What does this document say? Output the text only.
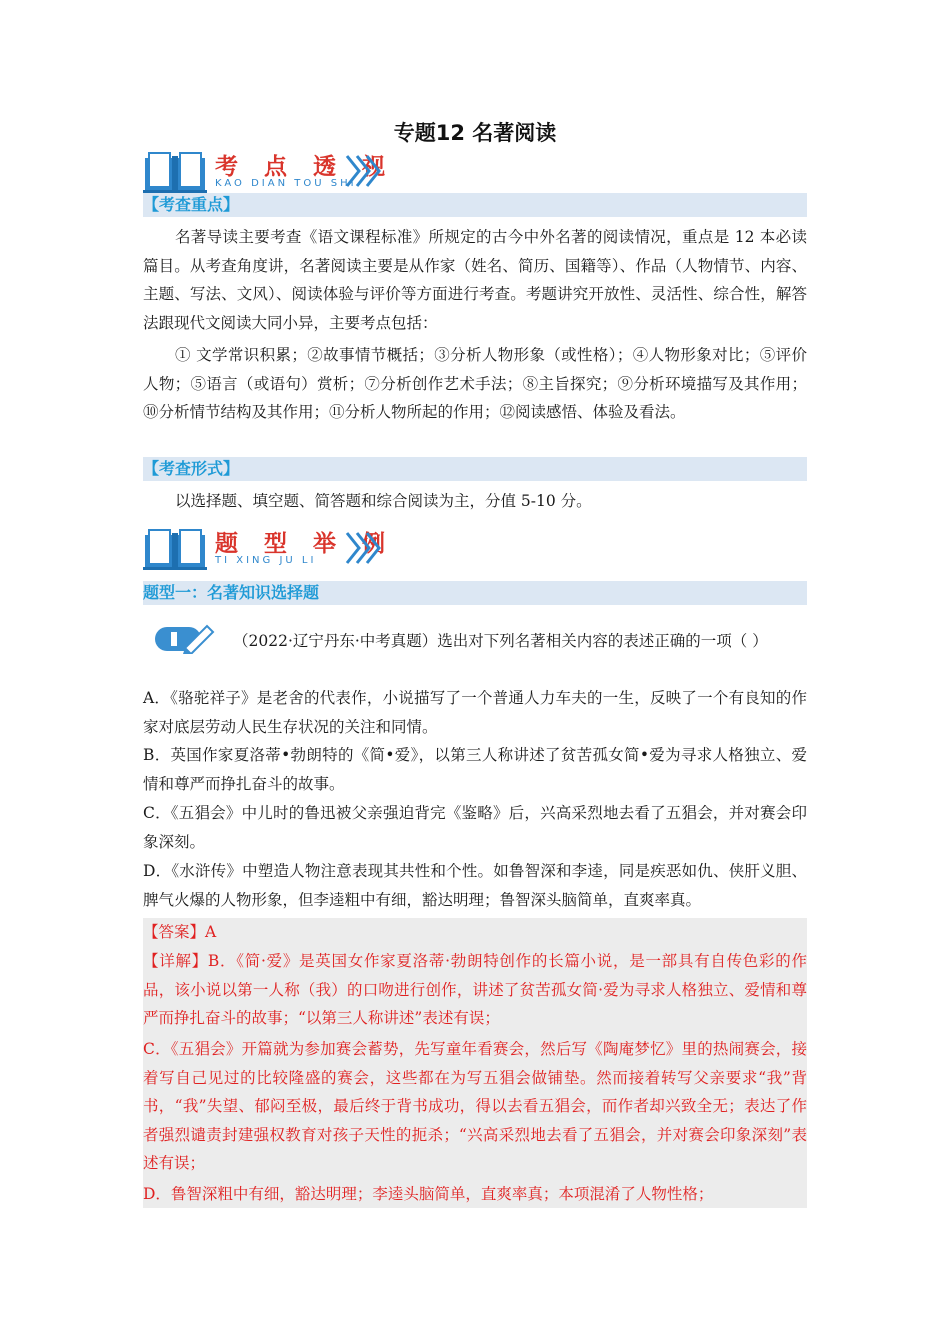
专题12 名著阅读
考 点 透 视
KAO DIAN TOU SHI
【考查重点】
名著导读主要考查《语文课程标准》所规定的古今中外名著的阅读情况，重点是 12 本必读篇目。从考查角度讲，名著阅读主要是从作家（姓名、简历、国籍等）、作品（人物情节、内容、主题、写法、文风）、阅读体验与评价等方面进行考查。考题讲究开放性、灵活性、综合性，解答法跟现代文阅读大同小异，主要考点包括：
① 文学常识积累；②故事情节概括；③分析人物形象（或性格）；④人物形象对比；⑤评价人物；⑤语言（或语句）赏析；⑦分析创作艺术手法；⑧主旨探究；⑨分析环境描写及其作用；⑩分析情节结构及其作用；⑪分析人物所起的作用；⑫阅读感悟、体验及看法。
【考查形式】
以选择题、填空题、简答题和综合阅读为主，分值 5-10 分。
题 型 举 例
TI XING JU LI
题型一：名著知识选择题
（2022·辽宁丹东·中考真题）选出对下列名著相关内容的表述正确的一项（ ）
A．《骆驼祥子》是老舍的代表作，小说描写了一个普通人力车夫的一生，反映了一个有良知的作家对底层劳动人民生存状况的关注和同情。
B．英国作家夏洛蒂•勃朗特的《简•爱》，以第三人称讲述了贫苦孤女简•爱为寻求人格独立、爱情和尊严而挣扎奋斗的故事。
C．《五猖会》中儿时的鲁迅被父亲强迫背完《鉴略》后，兴高采烈地去看了五猖会，并对赛会印象深刻。
D．《水浒传》中塑造人物注意表现其共性和个性。如鲁智深和李逵，同是疾恶如仇、侠肝义胆、脾气火爆的人物形象，但李逵粗中有细，豁达明理；鲁智深头脑简单，直爽率真。
【答案】A
【详解】B．《简·爱》是英国女作家夏洛蒂·勃朗特创作的长篇小说，是一部具有自传色彩的作品，该小说以第一人称（我）的口吻进行创作，讲述了贫苦孤女简·爱为寻求人格独立、爱情和尊严而挣扎奋斗的故事；“以第三人称讲述”表述有误；
C．《五猖会》开篇就为参加赛会蓄势，先写童年看赛会，然后写《陶庵梦忆》里的热闹赛会，接着写自己见过的比较隆盛的赛会，这些都在为写五猖会做铺垫。然而接着转写父亲要求“我”背书，“我”失望、郁闷至极，最后终于背书成功，得以去看五猖会，而作者却兴致全无；表达了作者强烈谴责封建强权教育对孩子天性的扼杀；“兴高采烈地去看了五猖会，并对赛会印象深刻”表述有误；
D．鲁智深粗中有细，豁达明理；李逵头脑简单，直爽率真；本项混淆了人物性格；
